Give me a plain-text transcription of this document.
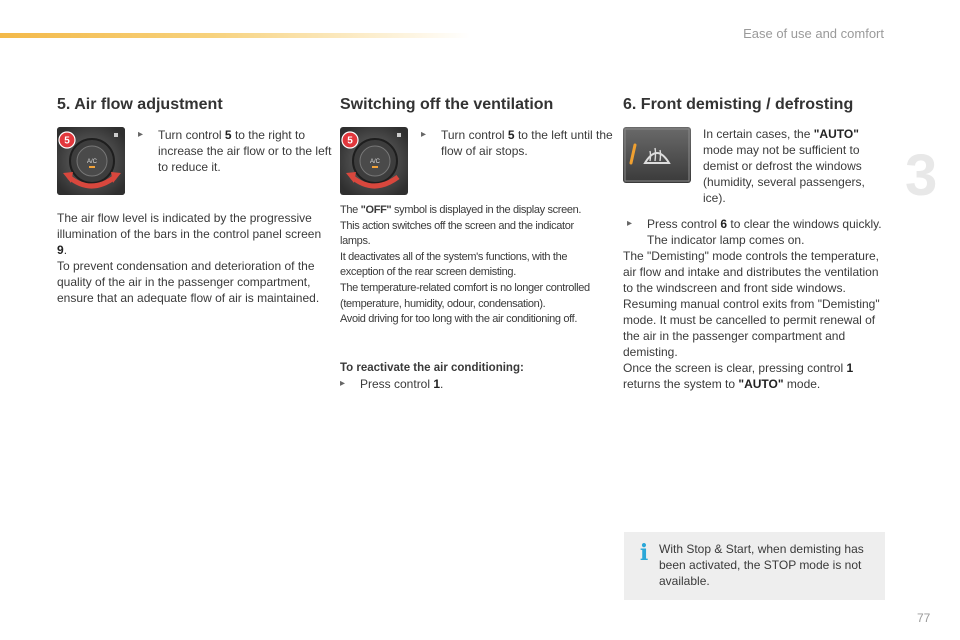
Ease of use and comfort
3
77
5. Air flow adjustment
A/C
5
▸ Turn control 5 to the right to increase the air flow or to the left to reduce it.
The air flow level is indicated by the progressive illumination of the bars in the control panel screen 9.
To prevent condensation and deterioration of the quality of the air in the passenger compartment, ensure that an adequate flow of air is maintained.
Switching off the ventilation
A/C
5
▸ Turn control 5 to the left until the flow of air stops.
The "OFF" symbol is displayed in the display screen.
This action switches off the screen and the indicator lamps.
It deactivates all of the system's functions, with the exception of the rear screen demisting.
The temperature-related comfort is no longer controlled (temperature, humidity, odour, condensation).
Avoid driving for too long with the air conditioning off.
To reactivate the air conditioning:
▸ Press control 1.
6. Front demisting / defrosting
In certain cases, the "AUTO" mode may not be sufficient to demist or defrost the windows (humidity, several passengers, ice).
▸ Press control 6 to clear the windows quickly. The indicator lamp comes on.
The "Demisting" mode controls the temperature, air flow and intake and distributes the ventilation to the windscreen and front side windows.
Resuming manual control exits from "Demisting" mode. It must be cancelled to permit renewal of the air in the passenger compartment and demisting.
Once the screen is clear, pressing control 1 returns the system to "AUTO" mode.
i With Stop & Start, when demisting has been activated, the STOP mode is not available.
